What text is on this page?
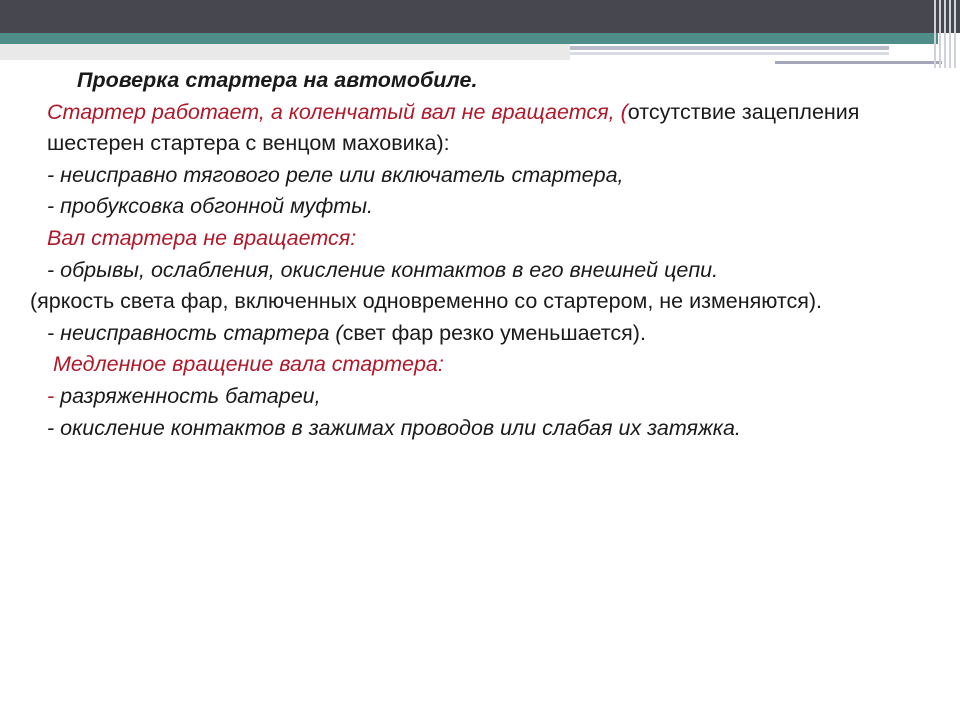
Проверка стартера на автомобиле.

Стартер работает, а коленчатый вал не вращается, (отсутствие зацепления шестерен стартера с венцом маховика):

- неисправно тягового реле или включатель стартера,

- пробуксовка обгонной муфты.

Вал стартера не вращается:

- обрывы, ослабления, окисление контактов в его внешней цепи.

(яркость света фар, включенных одновременно со стартером, не изменяются).

- неисправность стартера (свет фар резко уменьшается).

Медленное вращение вала стартера:

- разряженность батареи,

- окисление контактов в зажимах проводов или слабая их затяжка.
